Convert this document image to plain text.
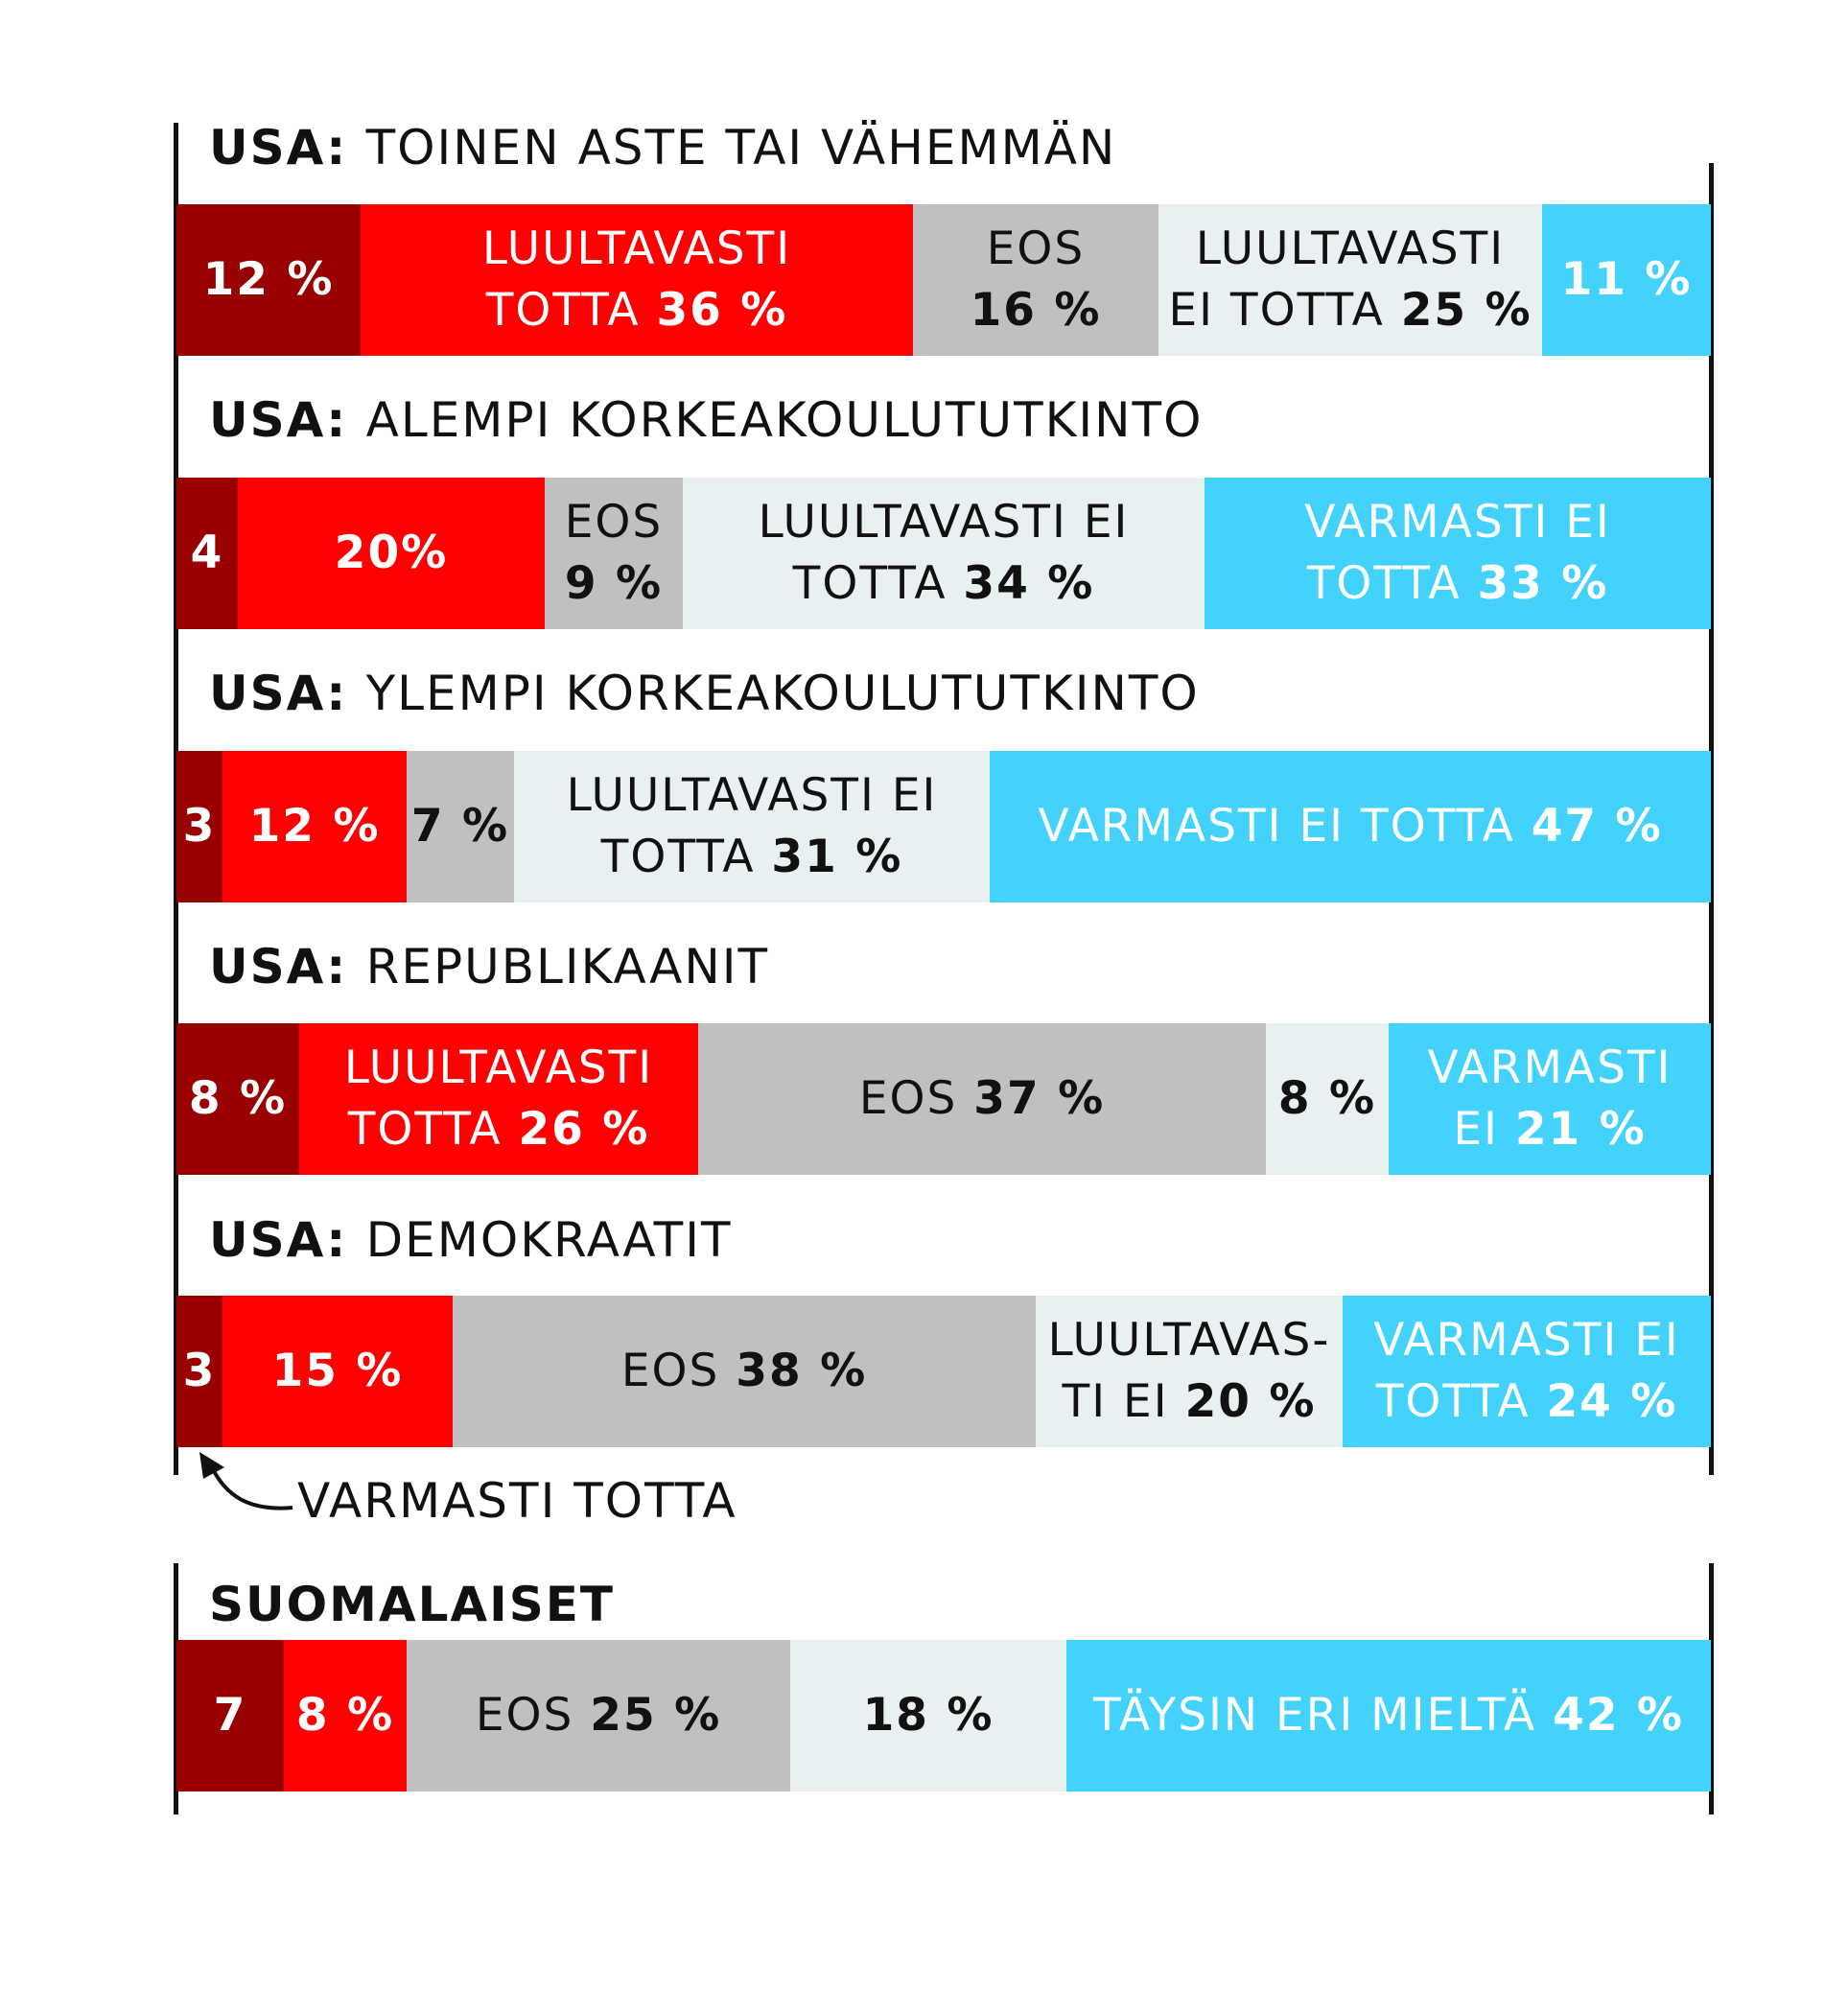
USA: TOINEN ASTE TAI VÄHEMMÄN
12 %
LUULTAVASTI
TOTTA 36 %
EOS
16 %
LUULTAVASTI
EI TOTTA 25 %
11 %
USA: ALEMPI KORKEAKOULUTUTKINTO
4 20%
EOS
9 %
LUULTAVASTI EI
TOTTA 34 %
VARMASTI EI
TOTTA 33 %
USA: YLEMPI KORKEAKOULUTUTKINTO
3 12 % 7 %
LUULTAVASTI EI
TOTTA 31 %
VARMASTI EI TOTTA 47 %
USA: REPUBLIKAANIT
8 %
LUULTAVASTI
TOTTA 26 %
EOS 37 %	8 %
VARMASTI
EI 21 %
USA: DEMOKRAATIT
3 15 %	EOS 38 %
LUULTAVAS-
TI EI 20 %
VARMASTI EI
TOTTA 24 %
SUOMALAISET
7 8 % EOS 25 %	18 % TÄYSIN ERI MIELTÄ 42 %
VARMASTI TOTTA
